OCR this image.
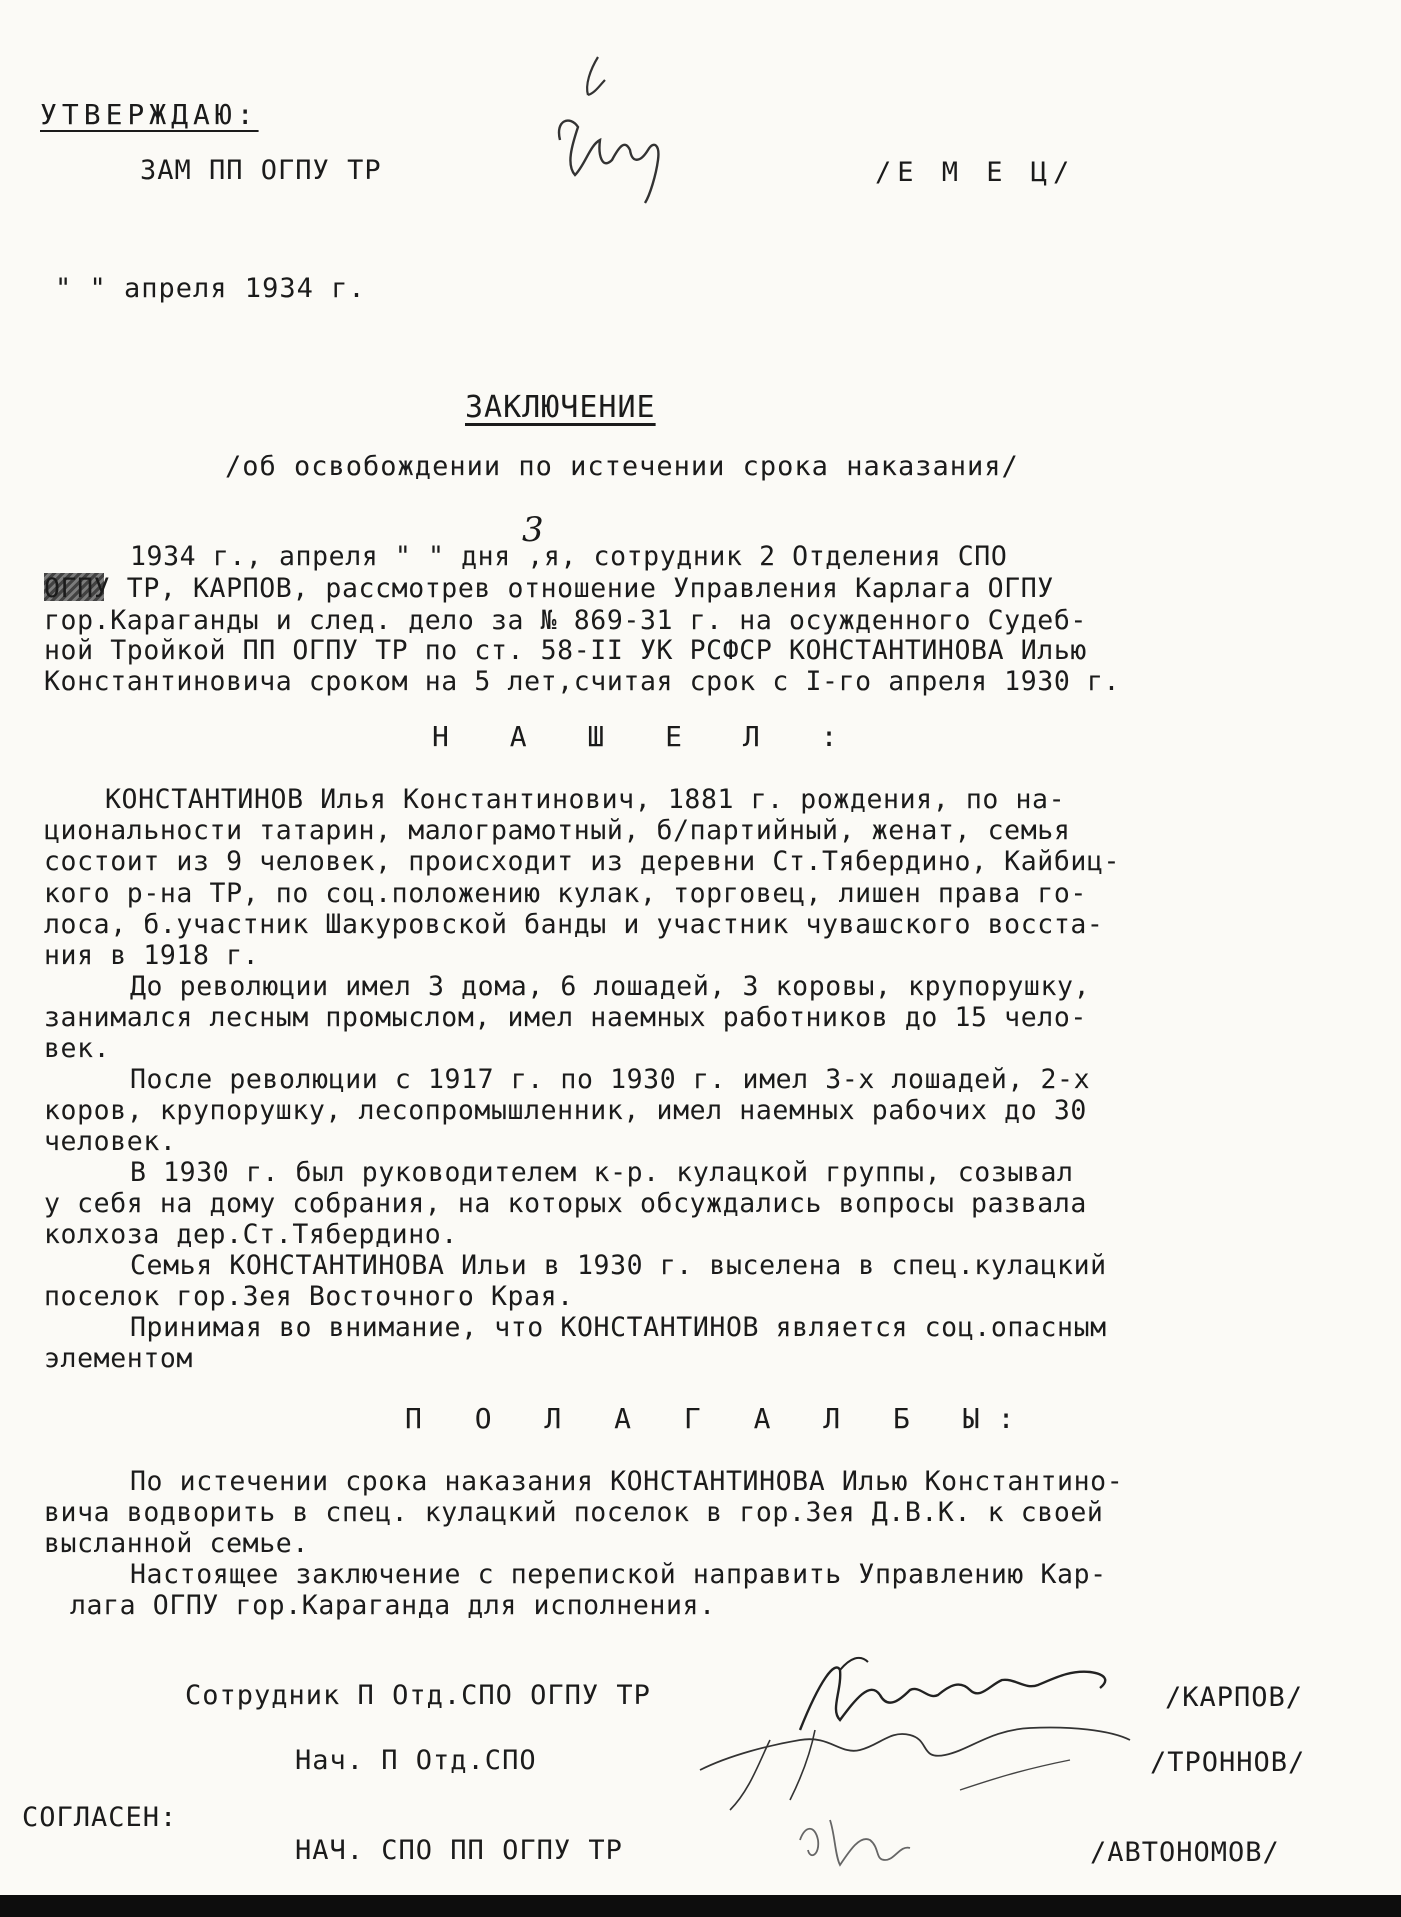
УТВЕРЖДАЮ:
ЗАМ ПП ОГПУ ТР	/Е М Е Ц/
" " апреля 1934 г.
ЗАКЛЮЧЕНИЕ
/об освобождении по истечении срока наказания/
1934 г., апреля " " дня ,я, сотрудник 2 Отделения СПО
3
ОГПУ ТР, КАРПОВ, рассмотрев отношение Управления Карлага ОГПУ
гор.Караганды и след. дело за № 869-31 г. на осужденного Судеб-
ной Тройкой ПП ОГПУ ТР по ст. 58-II УК РСФСР КОНСТАНТИНОВА Илью
Константиновича сроком на 5 лет,считая срок с I-го апреля 1930 г.
Н А Ш Е Л :
КОНСТАНТИНОВ Илья Константинович, 1881 г. рождения, по на-
циональности татарин, малограмотный, б/партийный, женат, семья
состоит из 9 человек, происходит из деревни Ст.Тябердино, Кайбиц-
кого р-на ТР, по соц.положению кулак, торговец, лишен права го-
лоса, б.участник Шакуровской банды и участник чувашского восста-
ния в 1918 г.
До революции имел 3 дома, 6 лошадей, 3 коровы, крупорушку,
занимался лесным промыслом, имел наемных работников до 15 чело-
век.
После революции с 1917 г. по 1930 г. имел 3-х лошадей, 2-х
коров, крупорушку, лесопромышленник, имел наемных рабочих до 30
человек.
В 1930 г. был руководителем к-р. кулацкой группы, созывал
у себя на дому собрания, на которых обсуждались вопросы развала
колхоза дер.Ст.Тябердино.
Семья КОНСТАНТИНОВА Ильи в 1930 г. выселена в спец.кулацкий
поселок гор.Зея Восточного Края.
Принимая во внимание, что КОНСТАНТИНОВ является соц.опасным
элементом
П О Л А Г А Л Б Ы:
По истечении срока наказания КОНСТАНТИНОВА Илью Константино-
вича водворить в спец. кулацкий поселок в гор.Зея Д.В.К. к своей
высланной семье.
Настоящее заключение с перепиской направить Управлению Кар-
лага ОГПУ гор.Караганда для исполнения.
Сотрудник П Отд.СПО ОГПУ ТР	/КАРПОВ/
Нач. П Отд.СПО	/ТРОННОВ/
СОГЛАСЕН:
НАЧ. СПО ПП ОГПУ ТР	/АВТОНОМОВ/
